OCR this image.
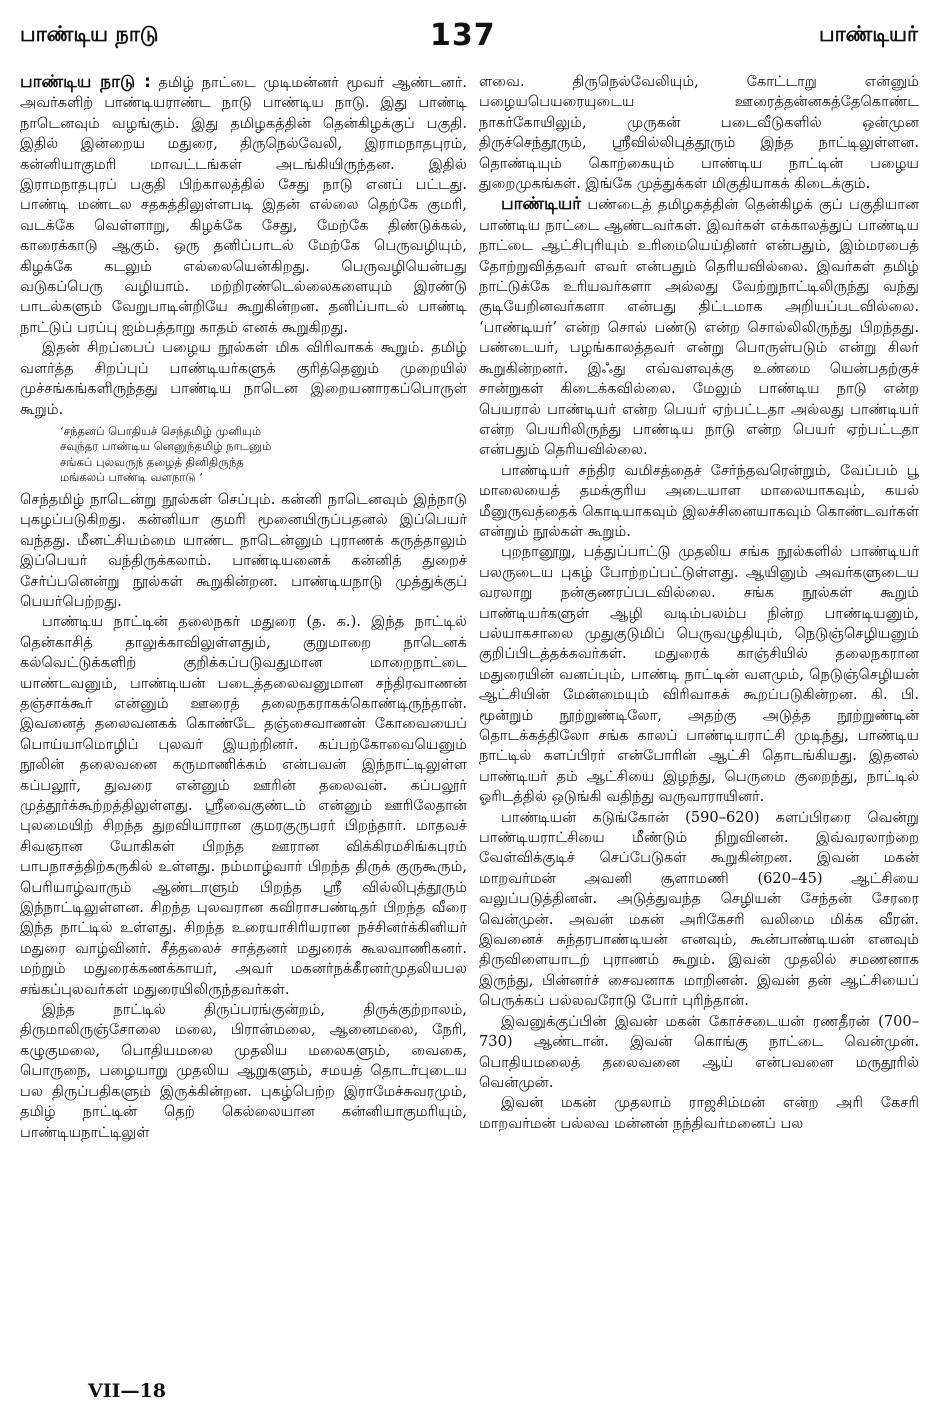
பாண்டிய நாடு	137	பாண்டியர்

பாண்டிய நாடு : தமிழ் நாட்டை முடிமன்னர் மூவர் ஆண்டனர். அவர்களிற் பாண்டியராண்ட நாடு பாண்டிய நாடு. இது பாண்டி நாடெனவும் வழங்கும். இது தமிழகத்தின் தென்கிழக்குப் பகுதி. இதில் இன்றைய மதுரை, திருநெல்வேலி, இராமநாதபுரம், கன்னியாகுமரி மாவட்டங்கள் அடங்கியிருந்தன. இதில் இராமநாதபுரப் பகுதி பிற்காலத்தில் சேது நாடு எனப் பட்டது. பாண்டி மண்டல சதகத்திலுள்ளபடி இதன் எல்லை தெற்கே குமரி, வடக்கே வெள்ளாறு, கிழக்கே சேது, மேற்கே திண்டுக்கல், காரைக்காடு ஆகும். ஒரு தனிப்பாடல் மேற்கே பெருவழியும், கிழக்கே கடலும் எல்லையென்கிறது. பெருவழியென்பது வடுகப்பெரு வழியாம். மற்றிரண்டெல்லைகளையும் இரண்டு பாடல்களும் வேறுபாடின்றியே கூறுகின்றன. தனிப்பாடல் பாண்டி நாட்டுப் பரப்பு ஐம்பத்தாறு காதம் எனக் கூறுகிறது.

இதன் சிறப்பைப் பழைய நூல்கள் மிக விரிவாகக் கூறும். தமிழ் வளர்த்த சிறப்புப் பாண்டியர்களுக் குரித்தெனும் முறையில் முச்சங்கங்களிருந்தது பாண்டிய நாடென இறையனாரகப்பொருள் கூறும்.

‘சந்தனப் பொதியச் செந்தமிழ் முனியும்
சவுந்தர பாண்டிய னெனுந்தமிழ் நாடனும்
சங்கப் புலவருந் தழைத் தினிதிருந்த
மங்கலப் பாண்டி வளநாடு ’

செந்தமிழ் நாடென்று நூல்கள் செப்பும். கன்னி நாடெனவும் இந்நாடு புகழப்படுகிறது. கன்னியா குமரி மூனையிருப்பதனல் இப்பெயர் வந்தது. மீனட்சியம்மை யாண்ட நாடென்னும் புராணக் கருத்தாலும் இப்பெயர் வந்திருக்கலாம். பாண்டியனைக் கன்னித் துறைச் சேர்ப்பனென்று நூல்கள் கூறுகின்றன. பாண்டியநாடு முத்துக்குப் பெயர்பெற்றது.

பாண்டிய நாட்டின் தலைநகர் மதுரை (த. க.). இந்த நாட்டில் தென்காசித் தாலுக்காவிலுள்ளதும், குறுமாறை நாடெனக் கல்வெட்டுக்களிற் குறிக்கப்படுவதுமான மாறைநாட்டை யாண்டவனும், பாண்டியன் படைத்தலைவனுமான சந்திரவாணன் தஞ்சாக்கூர் என்னும் ஊரைத் தலைநகராகக்கொண்டிருந்தான். இவனைத் தலைவனகக் கொண்டே தஞ்சைவாணன் கோவையைப் பொய்யாமொழிப் புலவர் இயற்றினர். கப்பற்கோவையெனும் நூலின் தலைவனை கருமாணிக்கம் என்பவன் இந்நாட்டிலுள்ள கப்பலூர், துவரை என்னும் ஊரின் தலைவன். கப்பலூர் முத்தூர்க்கூற்றத்திலுள்ளது. ஸ்ரீவைகுண்டம் என்னும் ஊரிலேதான் புலமையிற் சிறந்த துறவியாரான குமரகுருபரர் பிறந்தார். மாதவச் சிவஞான யோகிகள் பிறந்த ஊரான விக்கிரமசிங்கபுரம் பாபநாசத்திற்கருகில் உள்ளது. நம்மாழ்வார் பிறந்த திருக் குருகூரும், பெரியாழ்வாரும் ஆண்டாளும் பிறந்த ஸ்ரீ வில்லிபுத்தூரும் இந்நாட்டிலுள்ளன. சிறந்த புலவரான கவிராசபண்டிதர் பிறந்த வீரை இந்த நாட்டில் உள்ளது. சிறந்த உரையாசிரியரான நச்சினர்க்கினியர் மதுரை வாழ்வினர். சீத்தலைச் சாத்தனர் மதுரைக் கூலவாணிகனர். மற்றும் மதுரைக்கணக்காயர், அவர் மகனர்நக்கீரனர்முதலியபல சங்கப்புலவர்கள் மதுரையிலிருந்தவர்கள்.

இந்த நாட்டில் திருப்பரங்குன்றம், திருக்குற்றாலம், திருமாலிருஞ்சோலை மலை, பிரான்மலை, ஆனைமலை, நேரி, கழுகுமலை, பொதியமலை முதலிய மலைகளும், வைகை, பொருநை, பழையாறு முதலிய ஆறுகளும், சமயத் தொடர்புடைய பல திருப்பதிகளும் இருக்கின்றன. புகழ்பெற்ற இராமேச்சுவரமும், தமிழ் நாட்டின் தெற் கெல்லையான கன்னியாகுமரியும், பாண்டியநாட்டிலுள்

ளவை. திருநெல்வேலியும், கோட்டாறு என்னும் பழையபெயரையுடைய ஊரைத்தன்னகத்தேகொண்ட நாகர்கோயிலும், முருகன் படைவீடுகளில் ஒன்முன திருச்செந்தூரும், ஸ்ரீவில்லிபுத்தூரும் இந்த நாட்டிலுள்ளன. தொண்டியும் கொற்கையும் பாண்டிய நாட்டின் பழைய துறைமுகங்கள். இங்கே முத்துக்கள் மிகுதியாகக் கிடைக்கும்.

பாண்டியர் பண்டைத் தமிழகத்தின் தென்கிழக் குப் பகுதியான பாண்டிய நாட்டை ஆண்டவர்கள். இவர்கள் எக்காலத்துப் பாண்டிய நாட்டை ஆட்சிபுரியும் உரிமையெய்தினர் என்பதும், இம்மரபைத் தோற்றுவித்தவர் எவர் என்பதும் தெரியவில்லை. இவர்கள் தமிழ் நாட்டுக்கே உரியவர்களா அல்லது வேற்றுநாட்டிலிருந்து வந்து குடியேறினவர்களா என்பது திட்டமாக அறியப்படவில்லை. ‘பாண்டியர்’ என்ற சொல் பண்டு என்ற சொல்லிலிருந்து பிறந்தது. பண்டையர், பழங்காலத்தவர் என்று பொருள்படும் என்று சிலர் கூறுகின்றனர். இஃது எவ்வளவுக்கு உண்மை யென்பதற்குச் சான்றுகள் கிடைக்கவில்லை. மேலும் பாண்டிய நாடு என்ற பெயரால் பாண்டியர் என்ற பெயர் ஏற்பட்டதா அல்லது பாண்டியர் என்ற பெயரிலிருந்து பாண்டிய நாடு என்ற பெயர் ஏற்பட்டதா என்பதும் தெரியவில்லை.

பாண்டியர் சந்திர வமிசத்தைச் சேர்ந்தவரென்றும், வேப்பம் பூ மாலையைத் தமக்குரிய அடையாள மாலையாகவும், கயல் மீனுருவத்தைக் கொடியாகவும் இலச்சினையாகவும் கொண்டவர்கள் என்றும் நூல்கள் கூறும்.

புறநானூறு, பத்துப்பாட்டு முதலிய சங்க நூல்களில் பாண்டியர் பலருடைய புகழ் போற்றப்பட்டுள்ளது. ஆயினும் அவர்களுடைய வரலாறு நன்குணரப்படவில்லை. சங்க நூல்கள் கூறும் பாண்டியர்களுள் ஆழி வடிம்பலம்ப நின்ற பாண்டியனும், பல்யாகசாலை முதுகுடுமிப் பெருவழுதியும், நெடுஞ்செழியனும் குறிப்பிடத்தக்கவர்கள். மதுரைக் காஞ்சியில் தலைநகரான மதுரையின் வனப்பும், பாண்டி நாட்டின் வளமும், நெடுஞ்செழியன் ஆட்சியின் மேன்மையும் விரிவாகக் கூறப்படுகின்றன. கி. பி. மூன்றும் நூற்றுண்டிலோ, அதற்கு அடுத்த நூற்றுண்டின் தொடக்கத்திலோ சங்க காலப் பாண்டியராட்சி முடிந்து, பாண்டிய நாட்டில் களப்பிரர் என்போரின் ஆட்சி தொடங்கியது. இதனல் பாண்டியர் தம் ஆட்சியை இழந்து, பெருமை குறைந்து, நாட்டில் ஓரிடத்தில் ஒடுங்கி வதிந்து வருவாராயினர்.

பாண்டியன் கடுங்கோன் (590–620) களப்பிரரை வென்று பாண்டியராட்சியை மீண்டும் நிறுவினன். இவ்வரலாற்றை வேள்விக்குடிச் செப்பேடுகள் கூறுகின்றன. இவன் மகன் மாறவர்மன் அவனி சூளாமணி (620–45) ஆட்சியை வலுப்படுத்தினன். அடுத்துவந்த செழியன் சேந்தன் சேரரை வென்முன். அவன் மகன் அரிகேசரி வலிமை மிக்க வீரன். இவனைச் சுந்தரபாண்டியன் எனவும், கூன்பாண்டியன் எனவும் திருவிளையாடற் புராணம் கூறும். இவன் முதலில் சமணனாக இருந்து, பின்னர்ச் சைவனாக மாறினன். இவன் தன் ஆட்சியைப் பெருக்கப் பல்லவரோடு போர் புரிந்தான்.

இவனுக்குப்பின் இவன் மகன் கோச்சடையன் ரணதீரன் (700–730) ஆண்டான். இவன் கொங்கு நாட்டை வென்முன். பொதியமலைத் தலைவனை ஆய் என்பவனை மருதூரில் வென்முன்.

இவன் மகன் முதலாம் ராஜசிம்மன் என்ற அரி கேசரி மாறவர்மன் பல்லவ மன்னன் நந்திவர்மனைப் பல

VII—18
